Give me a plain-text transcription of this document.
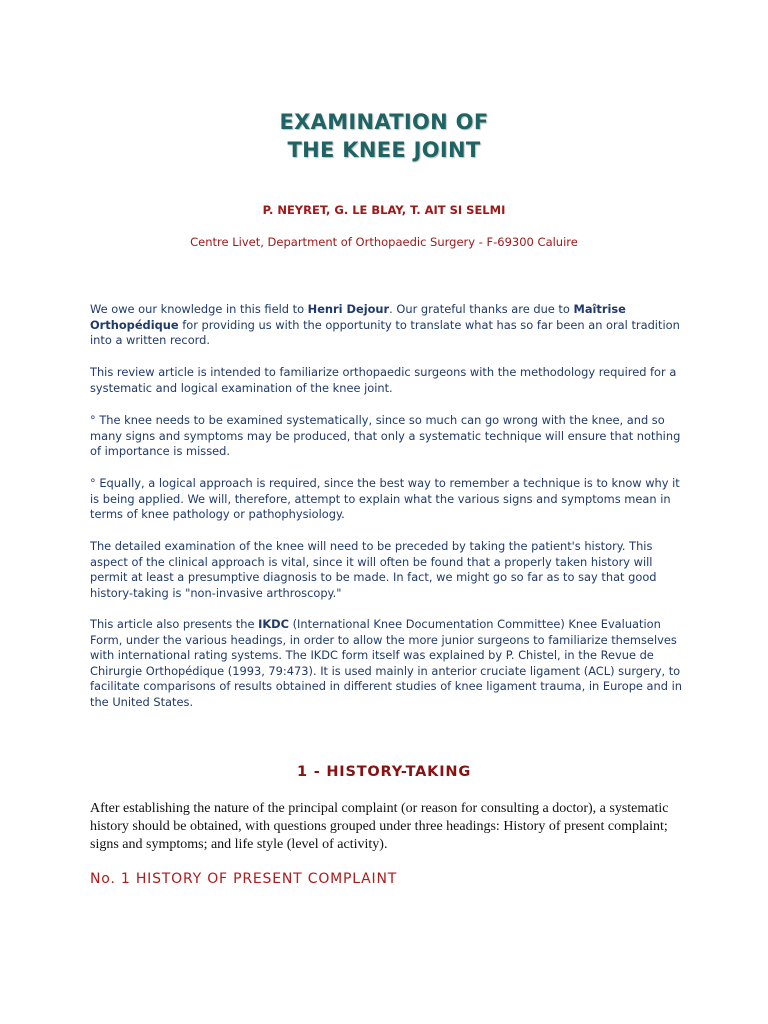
EXAMINATION OF
THE KNEE JOINT
P. NEYRET, G. LE BLAY, T. AIT SI SELMI
Centre Livet, Department of Orthopaedic Surgery - F-69300 Caluire
We owe our knowledge in this field to Henri Dejour. Our grateful thanks are due to Maîtrise Orthopédique for providing us with the opportunity to translate what has so far been an oral tradition into a written record.
This review article is intended to familiarize orthopaedic surgeons with the methodology required for a systematic and logical examination of the knee joint.
° The knee needs to be examined systematically, since so much can go wrong with the knee, and so many signs and symptoms may be produced, that only a systematic technique will ensure that nothing of importance is missed.
° Equally, a logical approach is required, since the best way to remember a technique is to know why it is being applied. We will, therefore, attempt to explain what the various signs and symptoms mean in terms of knee pathology or pathophysiology.
The detailed examination of the knee will need to be preceded by taking the patient's history. This aspect of the clinical approach is vital, since it will often be found that a properly taken history will permit at least a presumptive diagnosis to be made. In fact, we might go so far as to say that good history-taking is "non-invasive arthroscopy."
This article also presents the IKDC (International Knee Documentation Committee) Knee Evaluation Form, under the various headings, in order to allow the more junior surgeons to familiarize themselves with international rating systems. The IKDC form itself was explained by P. Chistel, in the Revue de Chirurgie Orthopédique (1993, 79:473). It is used mainly in anterior cruciate ligament (ACL) surgery, to facilitate comparisons of results obtained in different studies of knee ligament trauma, in Europe and in the United States.
1 - HISTORY-TAKING
After establishing the nature of the principal complaint (or reason for consulting a doctor), a systematic history should be obtained, with questions grouped under three headings: History of present complaint; signs and symptoms; and life style (level of activity).
No. 1 HISTORY OF PRESENT COMPLAINT
